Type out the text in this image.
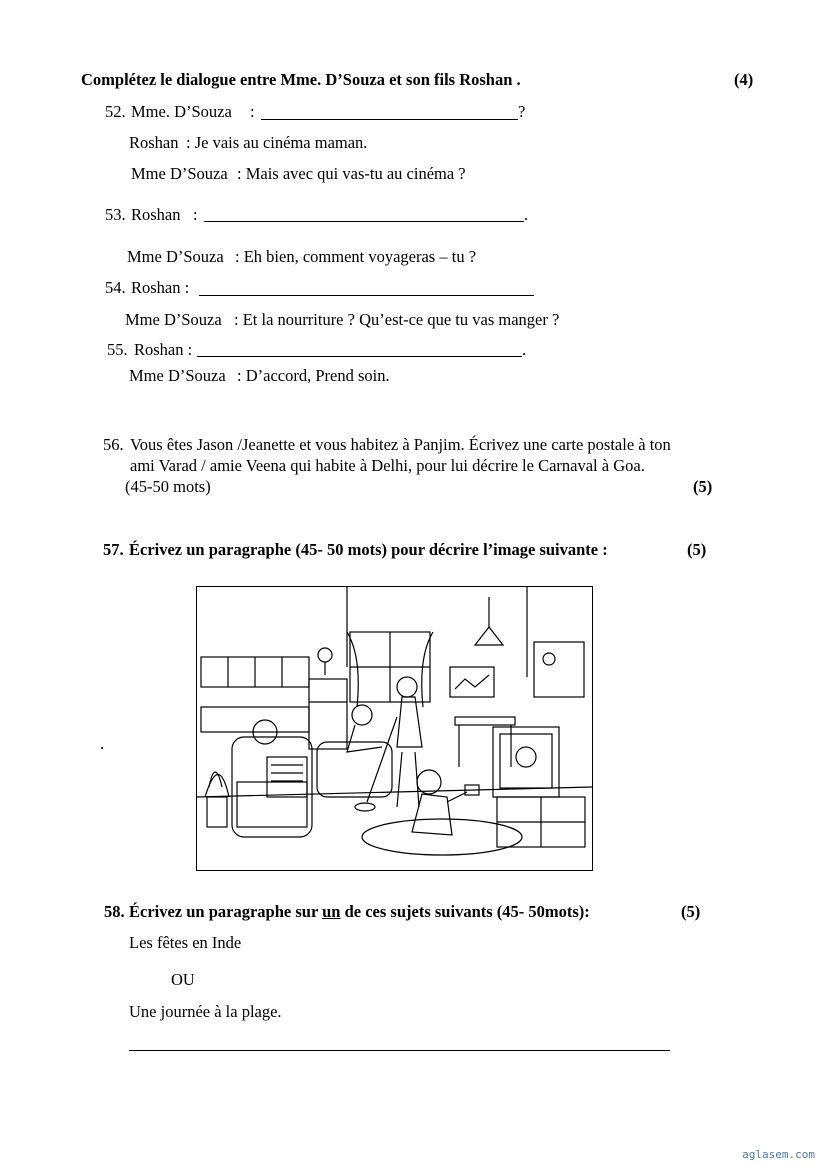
Complétez le dialogue entre Mme. D’Souza et son fils Roshan .	(4)
52. Mme. D’Souza :	?
Roshan : Je vais au cinéma maman.
Mme D’Souza : Mais avec qui vas-tu au cinéma ?
53. Roshan :	.
Mme D’Souza : Eh bien, comment voyageras – tu ?
54. Roshan :
Mme D’Souza : Et la nourriture ? Qu’est-ce que tu vas manger ?
55. Roshan :	.
Mme D’Souza : D’accord, Prend soin.
56. Vous êtes Jason /Jeanette et vous habitez à Panjim. Écrivez une carte postale à ton
ami Varad / amie Veena qui habite à Delhi, pour lui décrire le Carnaval à Goa.
(45-50 mots)	(5)
57. Écrivez un paragraphe (45- 50 mots) pour décrire l’image suivante :	(5)
.
58. Écrivez un paragraphe sur un de ces sujets suivants (45- 50mots):	(5)
Les fêtes en Inde
OU
Une journée à la plage.
aglasem.com
